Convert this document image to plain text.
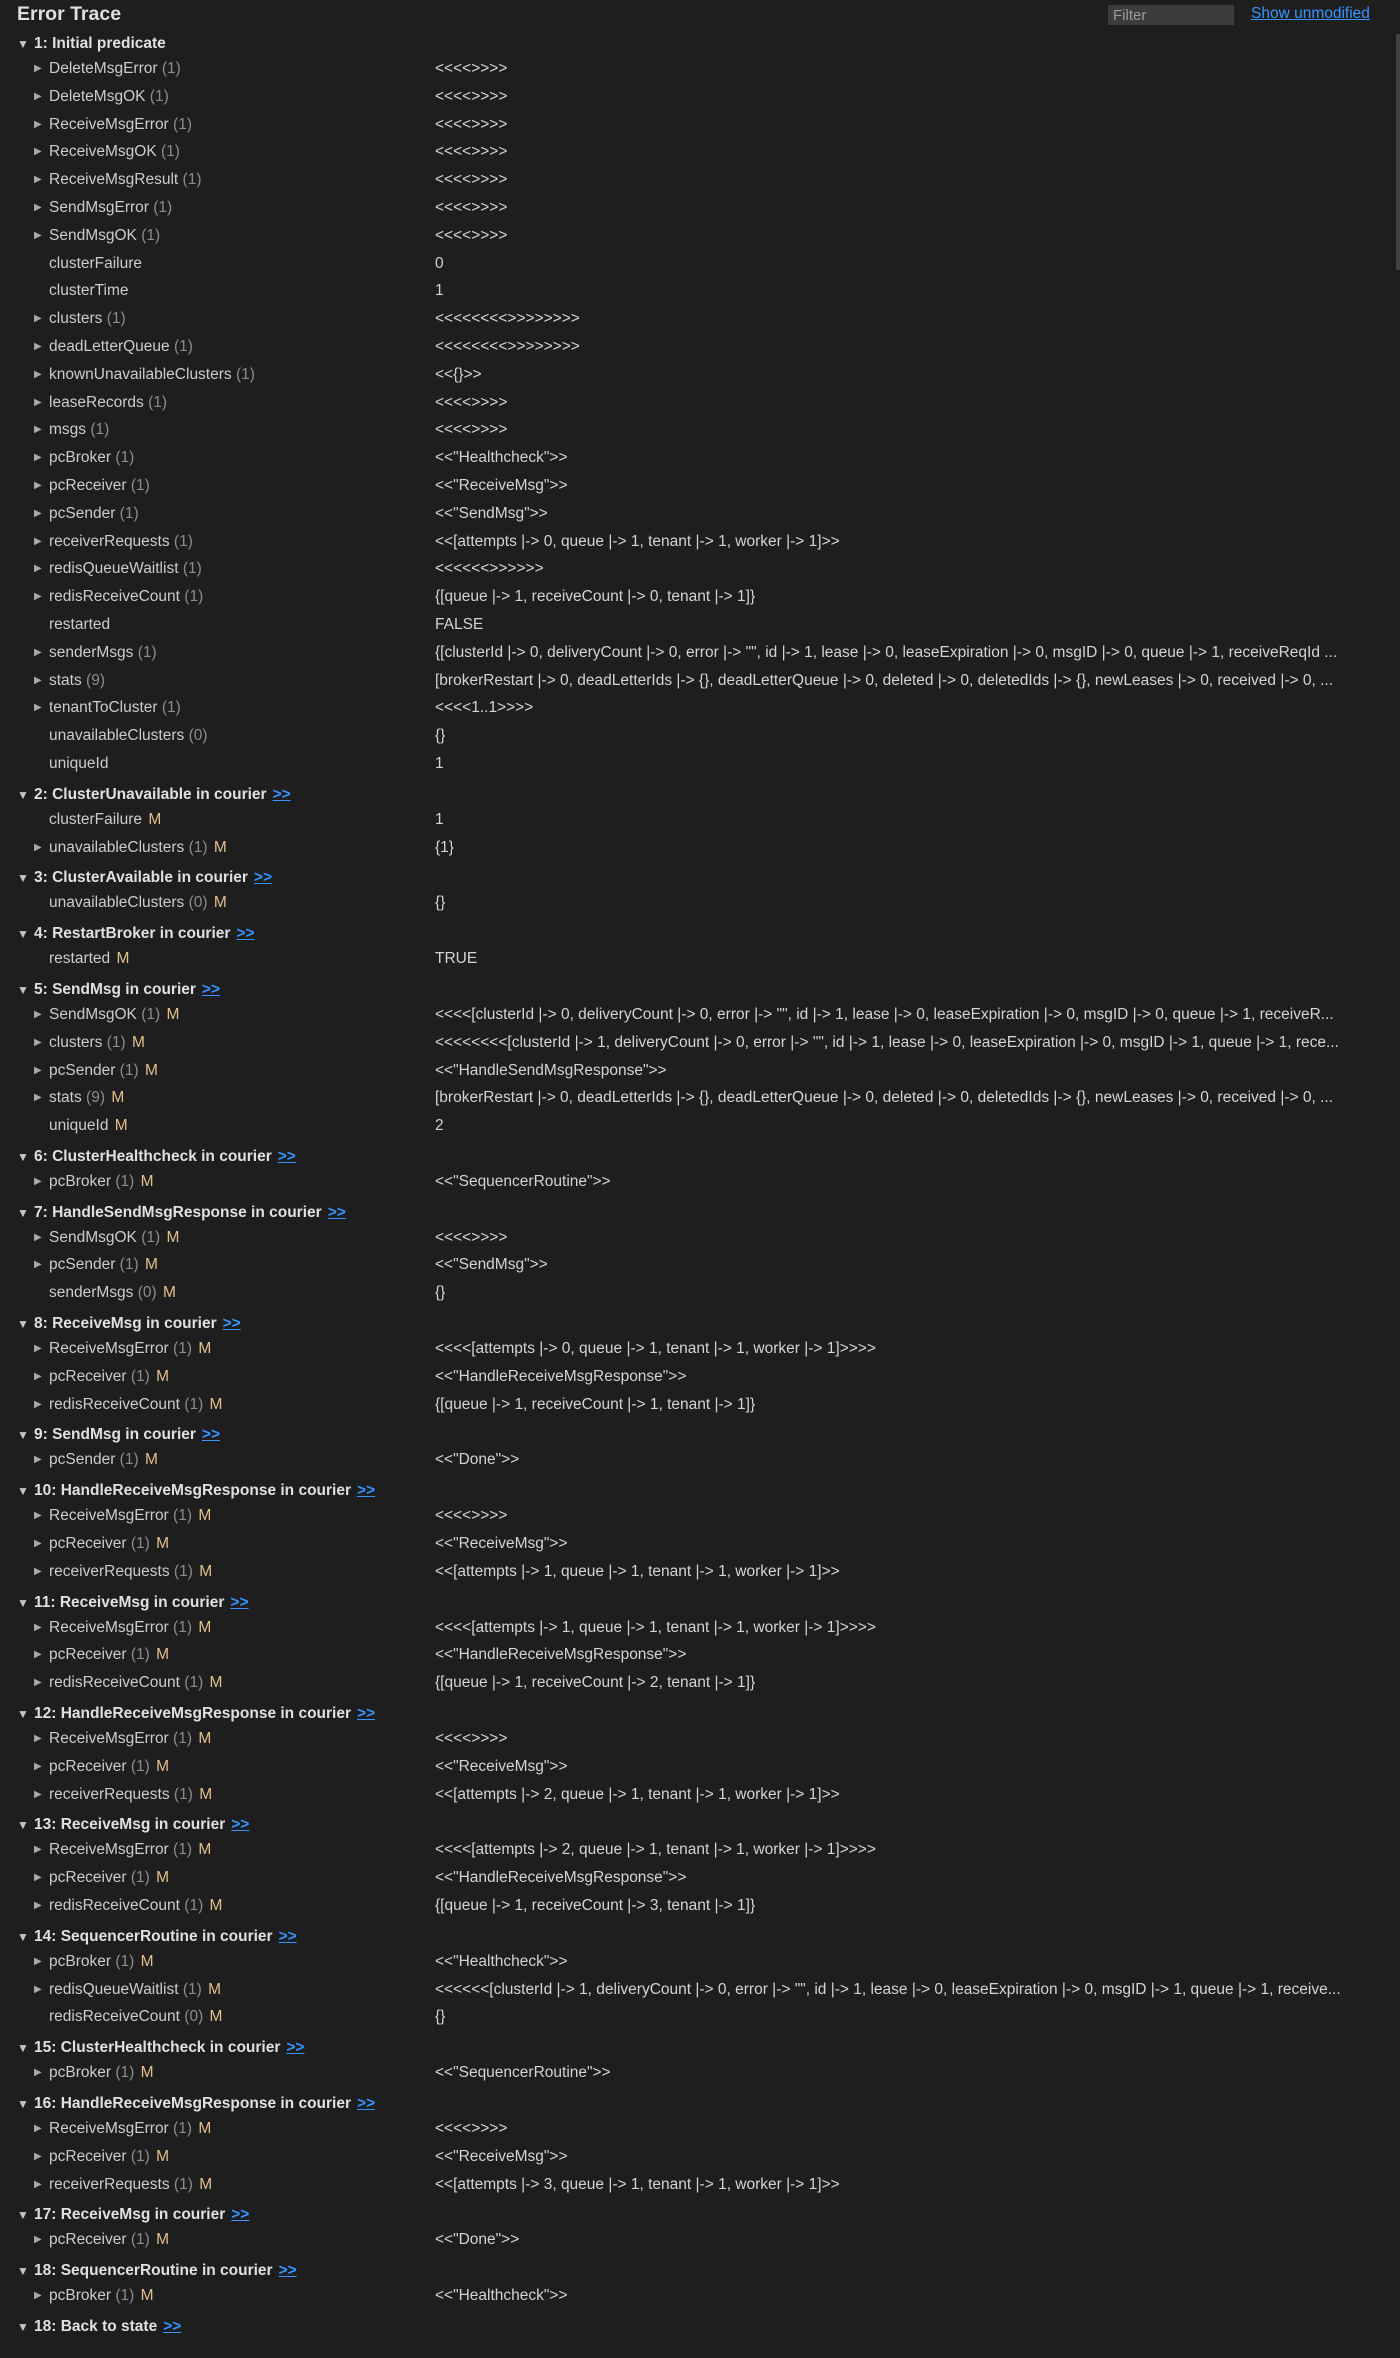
Error Trace
Filter	Show unmodified
▼ 1: Initial predicate
▶ DeleteMsgError (1)	<<<<>>>>
▶ DeleteMsgOK (1)	<<<<>>>>
▶ ReceiveMsgError (1)	<<<<>>>>
▶ ReceiveMsgOK (1)	<<<<>>>>
▶ ReceiveMsgResult (1)	<<<<>>>>
▶ SendMsgError (1)	<<<<>>>>
▶ SendMsgOK (1)	<<<<>>>>
clusterFailure	0
clusterTime	1
▶ clusters (1)	<<<<<<<<>>>>>>>>
▶ deadLetterQueue (1)	<<<<<<<<>>>>>>>>
▶ knownUnavailableClusters (1)	<<{}>>
▶ leaseRecords (1)	<<<<>>>>
▶ msgs (1)	<<<<>>>>
▶ pcBroker (1)	<<"Healthcheck">>
▶ pcReceiver (1)	<<"ReceiveMsg">>
▶ pcSender (1)	<<"SendMsg">>
▶ receiverRequests (1)	<<[attempts |-> 0, queue |-> 1, tenant |-> 1, worker |-> 1]>>
▶ redisQueueWaitlist (1)	<<<<<<>>>>>>
▶ redisReceiveCount (1)	{[queue |-> 1, receiveCount |-> 0, tenant |-> 1]}
restarted	FALSE
▶ senderMsgs (1)	{[clusterId |-> 0, deliveryCount |-> 0, error |-> "", id |-> 1, lease |-> 0, leaseExpiration |-> 0, msgID |-> 0, queue |-> 1, receiveReqId ...
▶ stats (9)	[brokerRestart |-> 0, deadLetterIds |-> {}, deadLetterQueue |-> 0, deleted |-> 0, deletedIds |-> {}, newLeases |-> 0, received |-> 0, ...
▶ tenantToCluster (1)	<<<<1..1>>>>
unavailableClusters (0)	{}
uniqueId	1
▼ 2: ClusterUnavailable in courier >>
clusterFailure M	1
▶ unavailableClusters (1) M	{1}
▼ 3: ClusterAvailable in courier >>
unavailableClusters (0) M	{}
▼ 4: RestartBroker in courier >>
restarted M	TRUE
▼ 5: SendMsg in courier >>
▶ SendMsgOK (1) M	<<<<[clusterId |-> 0, deliveryCount |-> 0, error |-> "", id |-> 1, lease |-> 0, leaseExpiration |-> 0, msgID |-> 0, queue |-> 1, receiveR...
▶ clusters (1) M	<<<<<<<<[clusterId |-> 1, deliveryCount |-> 0, error |-> "", id |-> 1, lease |-> 0, leaseExpiration |-> 0, msgID |-> 1, queue |-> 1, rece...
▶ pcSender (1) M	<<"HandleSendMsgResponse">>
▶ stats (9) M	[brokerRestart |-> 0, deadLetterIds |-> {}, deadLetterQueue |-> 0, deleted |-> 0, deletedIds |-> {}, newLeases |-> 0, received |-> 0, ...
uniqueId M	2
▼ 6: ClusterHealthcheck in courier >>
▶ pcBroker (1) M	<<"SequencerRoutine">>
▼ 7: HandleSendMsgResponse in courier >>
▶ SendMsgOK (1) M	<<<<>>>>
▶ pcSender (1) M	<<"SendMsg">>
senderMsgs (0) M	{}
▼ 8: ReceiveMsg in courier >>
▶ ReceiveMsgError (1) M	<<<<[attempts |-> 0, queue |-> 1, tenant |-> 1, worker |-> 1]>>>>
▶ pcReceiver (1) M	<<"HandleReceiveMsgResponse">>
▶ redisReceiveCount (1) M	{[queue |-> 1, receiveCount |-> 1, tenant |-> 1]}
▼ 9: SendMsg in courier >>
▶ pcSender (1) M	<<"Done">>
▼ 10: HandleReceiveMsgResponse in courier >>
▶ ReceiveMsgError (1) M	<<<<>>>>
▶ pcReceiver (1) M	<<"ReceiveMsg">>
▶ receiverRequests (1) M	<<[attempts |-> 1, queue |-> 1, tenant |-> 1, worker |-> 1]>>
▼ 11: ReceiveMsg in courier >>
▶ ReceiveMsgError (1) M	<<<<[attempts |-> 1, queue |-> 1, tenant |-> 1, worker |-> 1]>>>>
▶ pcReceiver (1) M	<<"HandleReceiveMsgResponse">>
▶ redisReceiveCount (1) M	{[queue |-> 1, receiveCount |-> 2, tenant |-> 1]}
▼ 12: HandleReceiveMsgResponse in courier >>
▶ ReceiveMsgError (1) M	<<<<>>>>
▶ pcReceiver (1) M	<<"ReceiveMsg">>
▶ receiverRequests (1) M	<<[attempts |-> 2, queue |-> 1, tenant |-> 1, worker |-> 1]>>
▼ 13: ReceiveMsg in courier >>
▶ ReceiveMsgError (1) M	<<<<[attempts |-> 2, queue |-> 1, tenant |-> 1, worker |-> 1]>>>>
▶ pcReceiver (1) M	<<"HandleReceiveMsgResponse">>
▶ redisReceiveCount (1) M	{[queue |-> 1, receiveCount |-> 3, tenant |-> 1]}
▼ 14: SequencerRoutine in courier >>
▶ pcBroker (1) M	<<"Healthcheck">>
▶ redisQueueWaitlist (1) M	<<<<<<[clusterId |-> 1, deliveryCount |-> 0, error |-> "", id |-> 1, lease |-> 0, leaseExpiration |-> 0, msgID |-> 1, queue |-> 1, receive...
redisReceiveCount (0) M	{}
▼ 15: ClusterHealthcheck in courier >>
▶ pcBroker (1) M	<<"SequencerRoutine">>
▼ 16: HandleReceiveMsgResponse in courier >>
▶ ReceiveMsgError (1) M	<<<<>>>>
▶ pcReceiver (1) M	<<"ReceiveMsg">>
▶ receiverRequests (1) M	<<[attempts |-> 3, queue |-> 1, tenant |-> 1, worker |-> 1]>>
▼ 17: ReceiveMsg in courier >>
▶ pcReceiver (1) M	<<"Done">>
▼ 18: SequencerRoutine in courier >>
▶ pcBroker (1) M	<<"Healthcheck">>
▼ 18: Back to state >>
